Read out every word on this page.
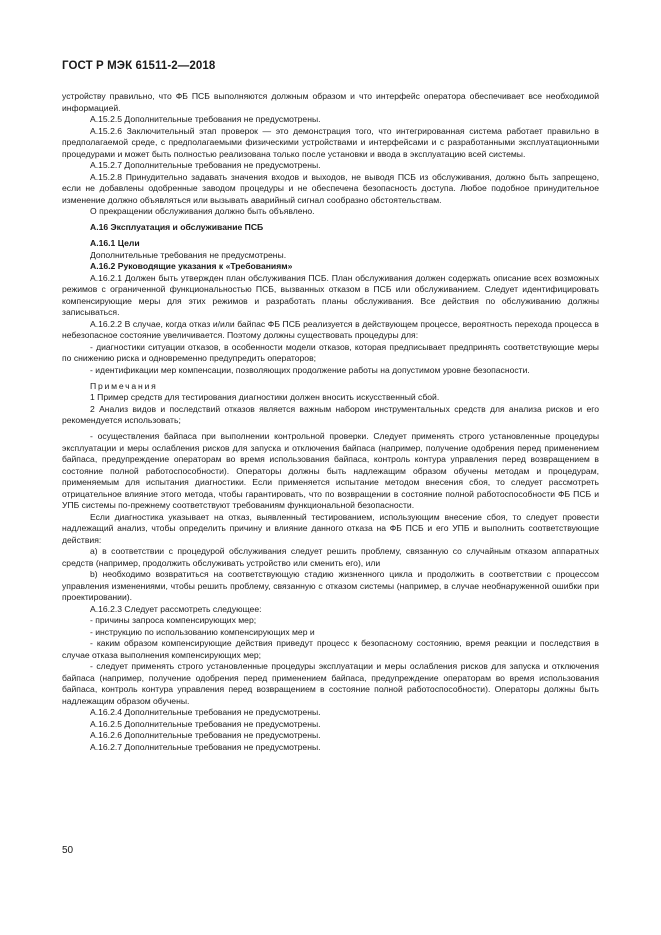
ГОСТ Р МЭК 61511-2—2018

устройству правильно, что ФБ ПСБ выполняются должным образом и что интерфейс оператора обеспечивает все необходимой информацией.

А.15.2.5 Дополнительные требования не предусмотрены.

А.15.2.6 Заключительный этап проверок — это демонстрация того, что интегрированная система работает правильно в предполагаемой среде, с предполагаемыми физическими устройствами и интерфейсами и с разработанными эксплуатационными процедурами и может быть полностью реализована только после установки и ввода в эксплуатацию всей системы.

А.15.2.7 Дополнительные требования не предусмотрены.

А.15.2.8 Принудительно задавать значения входов и выходов, не выводя ПСБ из обслуживания, должно быть запрещено, если не добавлены одобренные заводом процедуры и не обеспечена безопасность доступа. Любое подобное принудительное изменение должно объявляться или вызывать аварийный сигнал сообразно обстоятельствам.

О прекращении обслуживания должно быть объявлено.

А.16 Эксплуатация и обслуживание ПСБ

А.16.1 Цели

Дополнительные требования не предусмотрены.

А.16.2 Руководящие указания к «Требованиям»

А.16.2.1 Должен быть утвержден план обслуживания ПСБ. План обслуживания должен содержать описание всех возможных режимов с ограниченной функциональностью ПСБ, вызванных отказом в ПСБ или обслуживанием. Следует идентифицировать компенсирующие меры для этих режимов и разработать планы обслуживания. Все действия по обслуживанию должны записываться.

А.16.2.2 В случае, когда отказ и/или байпас ФБ ПСБ реализуется в действующем процессе, вероятность перехода процесса в небезопасное состояние увеличивается. Поэтому должны существовать процедуры для:

- диагностики ситуации отказов, в особенности модели отказов, которая предписывает предпринять соответствующие меры по снижению риска и одновременно предупредить операторов;

- идентификации мер компенсации, позволяющих продолжение работы на допустимом уровне безопасности.

Примечания

1 Пример средств для тестирования диагностики должен вносить искусственный сбой.

2 Анализ видов и последствий отказов является важным набором инструментальных средств для анализа рисков и его рекомендуется использовать;

- осуществления байпаса при выполнении контрольной проверки. Следует применять строго установленные процедуры эксплуатации и меры ослабления рисков для запуска и отключения байпаса (например, получение одобрения перед применением байпаса, предупреждение операторам во время использования байпаса, контроль контура управления перед возвращением в состояние полной работоспособности). Операторы должны быть надлежащим образом обучены методам и процедурам, применяемым для испытания диагностики. Если применяется испытание методом внесения сбоя, то следует рассмотреть отрицательное влияние этого метода, чтобы гарантировать, что по возвращении в состояние полной работоспособности ФБ ПСБ и УПБ системы по-прежнему соответствуют требованиям функциональной безопасности.

Если диагностика указывает на отказ, выявленный тестированием, использующим внесение сбоя, то следует провести надлежащий анализ, чтобы определить причину и влияние данного отказа на ФБ ПСБ и его УПБ и выполнить соответствующие действия:

а) в соответствии с процедурой обслуживания следует решить проблему, связанную со случайным отказом аппаратных средств (например, продолжить обслуживать устройство или сменить его), или

b) необходимо возвратиться на соответствующую стадию жизненного цикла и продолжить в соответствии с процессом управления изменениями, чтобы решить проблему, связанную с отказом системы (например, в случае необнаруженной ошибки при проектировании).

А.16.2.3 Следует рассмотреть следующее:

- причины запроса компенсирующих мер;

- инструкцию по использованию компенсирующих мер и

- каким образом компенсирующие действия приведут процесс к безопасному состоянию, время реакции и последствия в случае отказа выполнения компенсирующих мер;

- следует применять строго установленные процедуры эксплуатации и меры ослабления рисков для запуска и отключения байпаса (например, получение одобрения перед применением байпаса, предупреждение операторам во время использования байпаса, контроль контура управления перед возвращением в состояние полной работоспособности). Операторы должны быть надлежащим образом обучены.

А.16.2.4 Дополнительные требования не предусмотрены.

А.16.2.5 Дополнительные требования не предусмотрены.

А.16.2.6 Дополнительные требования не предусмотрены.

А.16.2.7 Дополнительные требования не предусмотрены.

50
